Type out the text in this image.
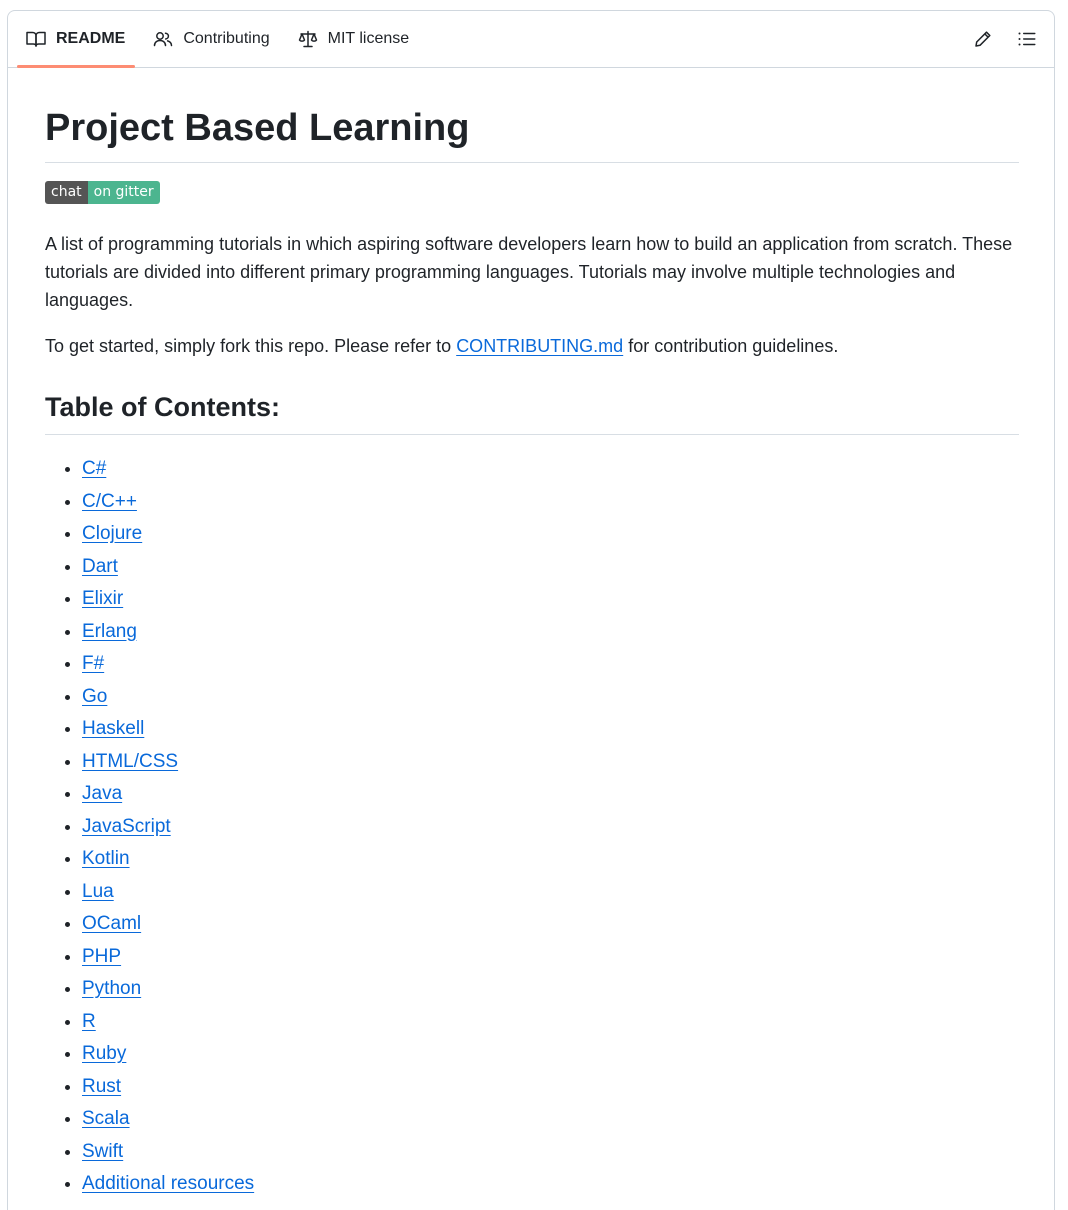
README	Contributing	MIT license
Project Based Learning
chat on gitter

A list of programming tutorials in which aspiring software developers learn how to build an application from scratch. These tutorials are divided into different primary programming languages. Tutorials may involve multiple technologies and languages.

To get started, simply fork this repo. Please refer to CONTRIBUTING.md for contribution guidelines.

Table of Contents:
• C#
• C/C++
• Clojure
• Dart
• Elixir
• Erlang
• F#
• Go
• Haskell
• HTML/CSS
• Java
• JavaScript
• Kotlin
• Lua
• OCaml
• PHP
• Python
• R
• Ruby
• Rust
• Scala
• Swift
• Additional resources
